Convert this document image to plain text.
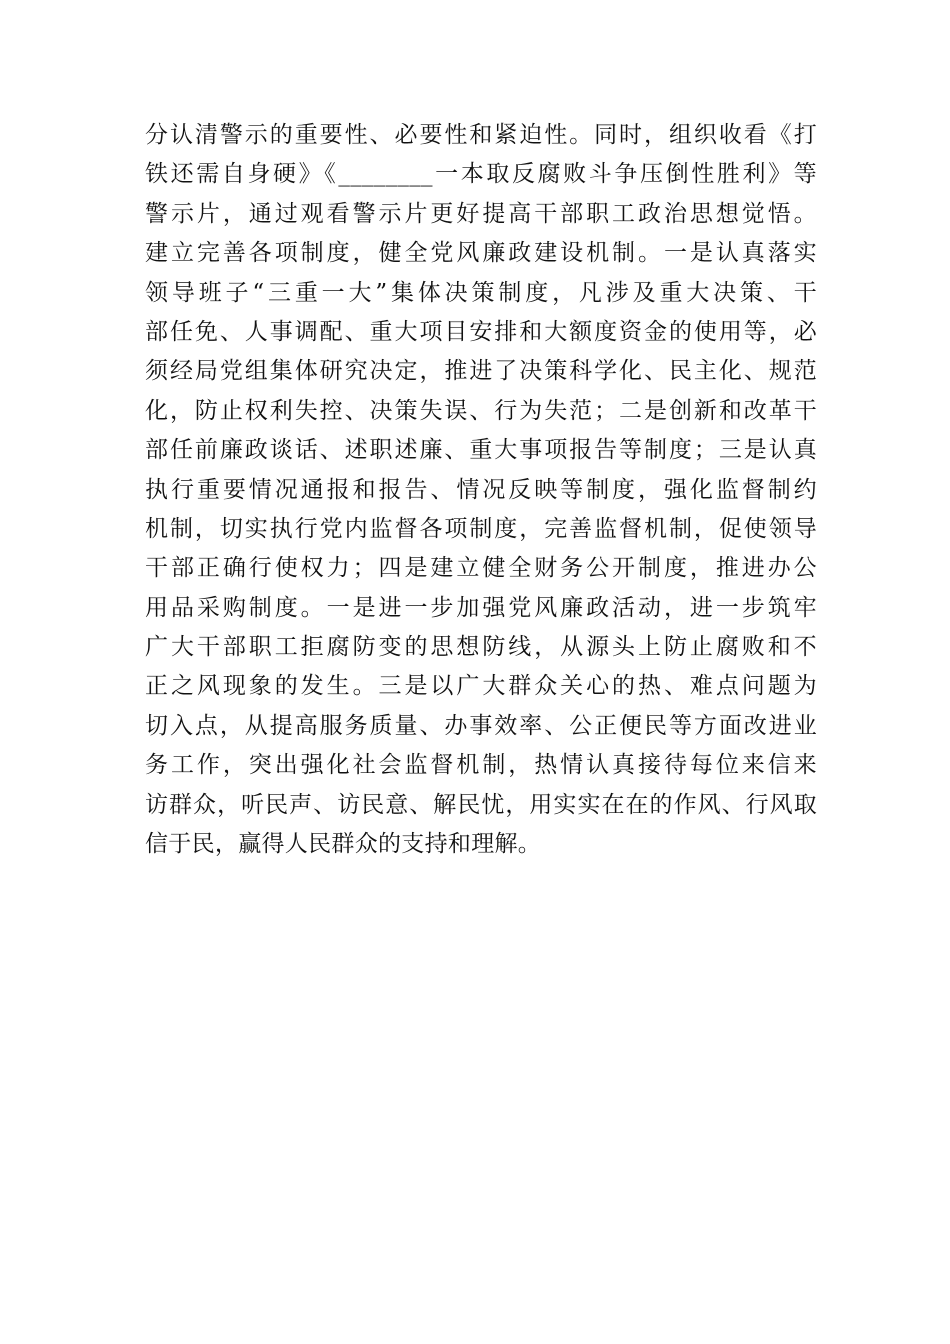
分认清警示的重要性、必要性和紧迫性。同时，组织收看《打
铁还需自身硬》《________一本取反腐败斗争压倒性胜利》等
警示片，通过观看警示片更好提高干部职工政治思想觉悟。
建立完善各项制度，健全党风廉政建设机制。一是认真落实
领导班子“三重一大”集体决策制度，凡涉及重大决策、干
部任免、人事调配、重大项目安排和大额度资金的使用等，必
须经局党组集体研究决定，推进了决策科学化、民主化、规范
化，防止权利失控、决策失误、行为失范；二是创新和改革干
部任前廉政谈话、述职述廉、重大事项报告等制度；三是认真
执行重要情况通报和报告、情况反映等制度，强化监督制约
机制，切实执行党内监督各项制度，完善监督机制，促使领导
干部正确行使权力；四是建立健全财务公开制度，推进办公
用品采购制度。一是进一步加强党风廉政活动，进一步筑牢
广大干部职工拒腐防变的思想防线，从源头上防止腐败和不
正之风现象的发生。三是以广大群众关心的热、难点问题为
切入点，从提高服务质量、办事效率、公正便民等方面改进业
务工作，突出强化社会监督机制，热情认真接待每位来信来
访群众，听民声、访民意、解民忧，用实实在在的作风、行风取
信于民，赢得人民群众的支持和理解。
